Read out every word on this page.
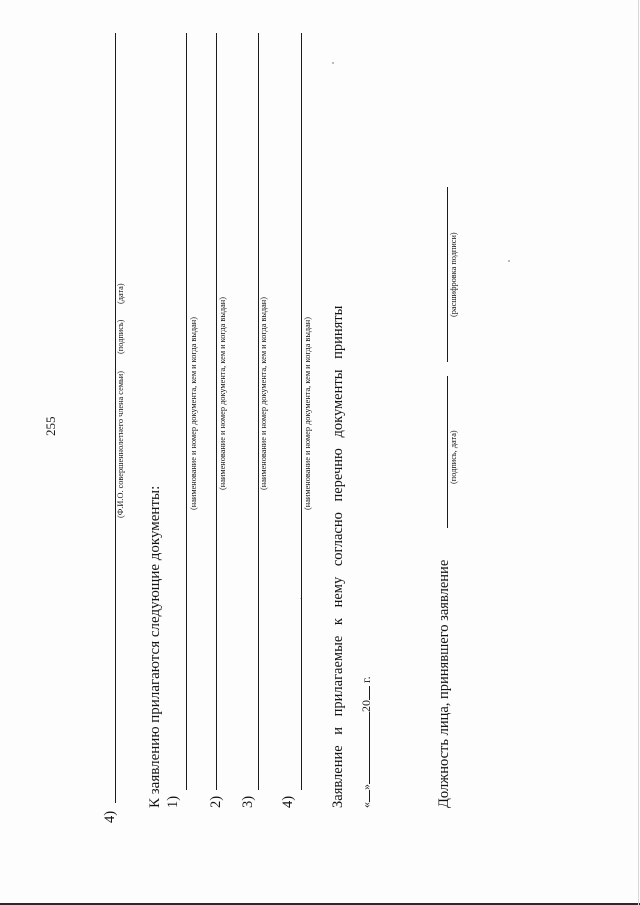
255
4)
(Ф.И.О. совершеннолетнего члена семьи)
(подпись)
(дата)
К заявлению прилагаются следующие документы: 1)
(наименование и номер документа, кем и когда выдан)
2)
(наименование и номер документа, кем и когда выдан)
3)
(наименование и номер документа, кем и когда выдан)
4)
(наименование и номер документа, кем и когда выдан) Заявление и прилагаемые к нему согласно перечню документы приняты «»20 г.	Должность лица, принявшего заявление
(подпись, дата)
(расшифровка подписи)
